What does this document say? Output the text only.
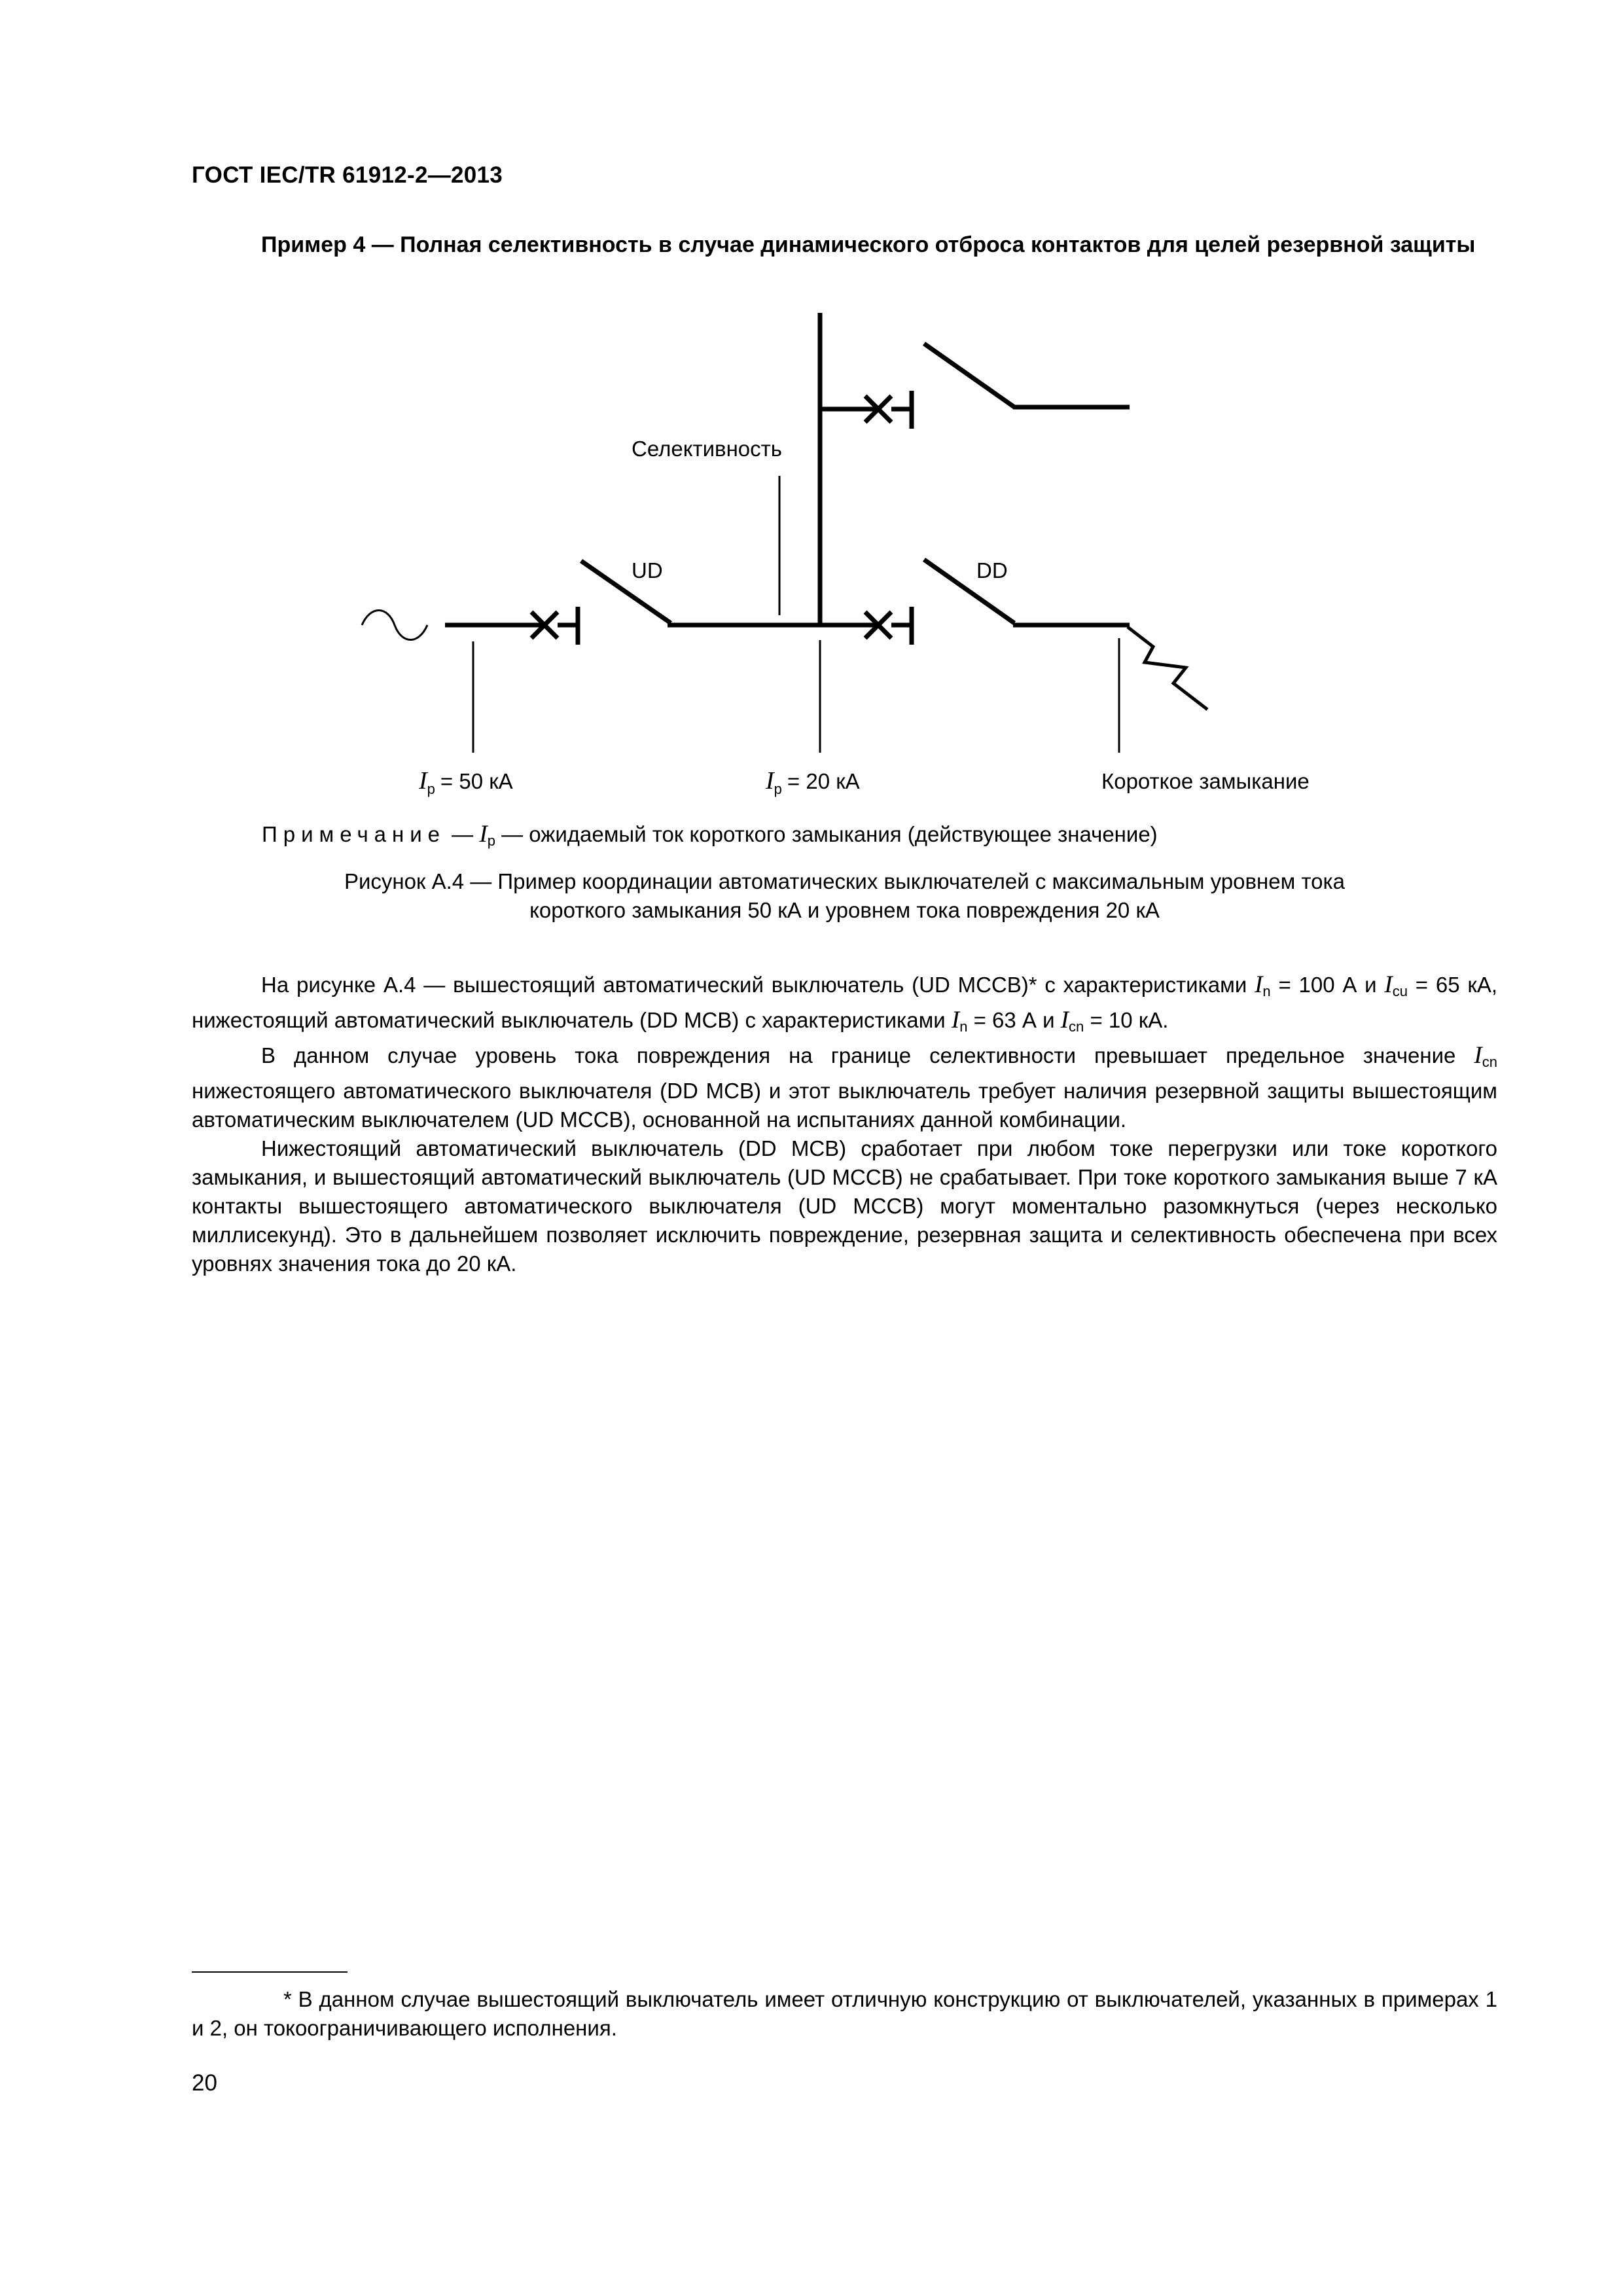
ГОСТ IEC/TR 61912-2—2013
Пример 4 — Полная селективность в случае динамического отброса контактов для целей резервной защиты
Селективность
UD	DD
$I_p = 50$ кА	$I_p = 20$ кА	Короткое замыкание
Примечание — $I_p$ — ожидаемый ток короткого замыкания (действующее значение)
Рисунок А.4 — Пример координации автоматических выключателей с максимальным уровнем тока
короткого замыкания 50 кА и уровнем тока повреждения 20 кА

На рисунке А.4 — вышестоящий автоматический выключатель (UD MCCB)* с характеристиками $I_n = 100$ А и $I_{cu} = 65$ кА, нижестоящий автоматический выключатель (DD MCB) с характеристиками $I_n = 63$ А и $I_{cn} = 10$ кА.

В данном случае уровень тока повреждения на границе селективности превышает предельное значение $I_{cn}$ нижестоящего автоматического выключателя (DD MCB) и этот выключатель требует наличия резервной защиты вышестоящим автоматическим выключателем (UD MCCB), основанной на испытаниях данной комбинации.

Нижестоящий автоматический выключатель (DD MCB) сработает при любом токе перегрузки или токе короткого замыкания, и вышестоящий автоматический выключатель (UD MCCB) не срабатывает. При токе короткого замыкания выше 7 кА контакты вышестоящего автоматического выключателя (UD MCCB) могут моментально разомкнуться (через несколько миллисекунд). Это в дальнейшем позволяет исключить повреждение, резервная защита и селективность обеспечена при всех уровнях значения тока до 20 кА.

* В данном случае вышестоящий выключатель имеет отличную конструкцию от выключателей, указанных в примерах 1 и 2, он токоограничивающего исполнения.
20
